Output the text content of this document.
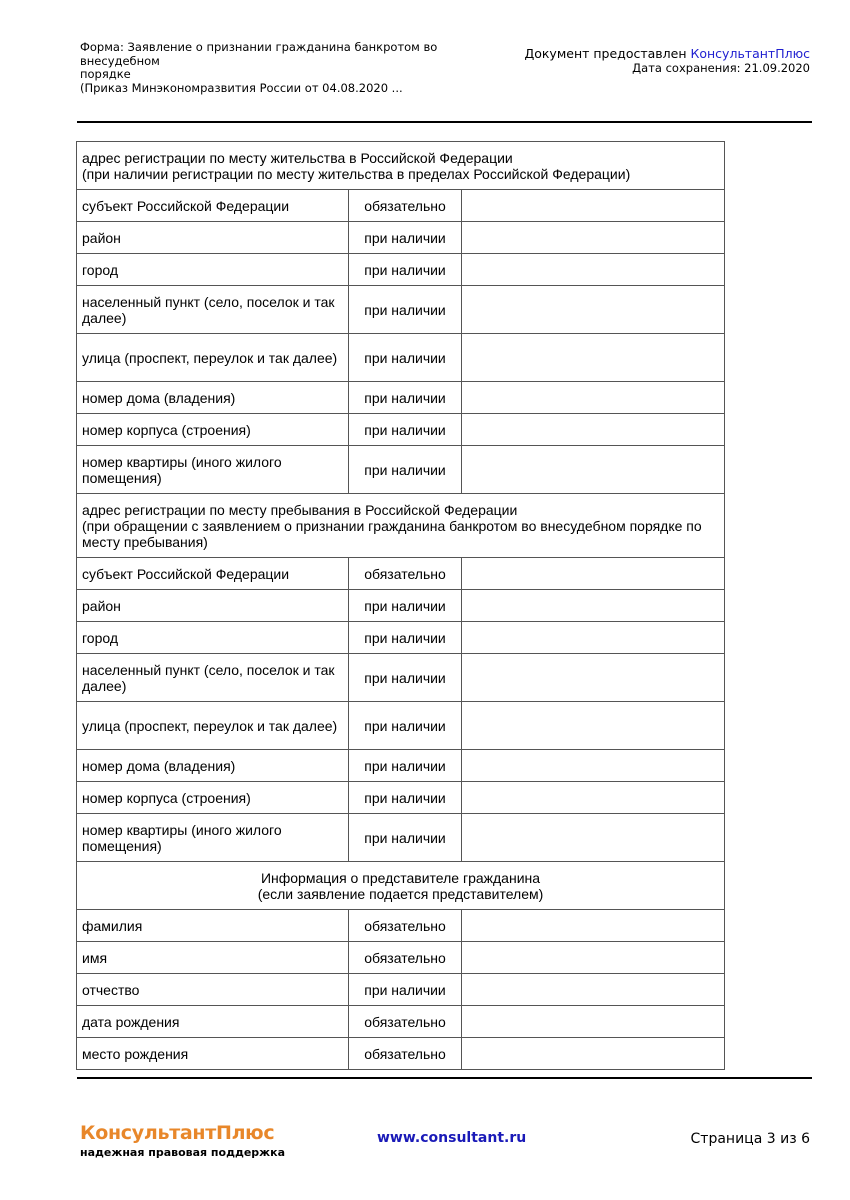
Форма: Заявление о признании гражданина банкротом во внесудебном
порядке
(Приказ Минэкономразвития России от 04.08.2020 ...
Документ предоставлен КонсультантПлюс
Дата сохранения: 21.09.2020
адрес регистрации по месту жительства в Российской Федерации
(при наличии регистрации по месту жительства в пределах Российской Федерации)		

субъект Российской Федерации	обязательно	
район	при наличии	
город	при наличии	
населенный пункт (село, поселок и так далее)	при наличии	
улица (проспект, переулок и так далее)	при наличии	
номер дома (владения)	при наличии	
номер корпуса (строения)	при наличии	
номер квартиры (иного жилого помещения)	при наличии	

адрес регистрации по месту пребывания в Российской Федерации
(при обращении с заявлением о признании гражданина банкротом во внесудебном порядке по месту пребывания)		

субъект Российской Федерации	обязательно	
район	при наличии	
город	при наличии	
населенный пункт (село, поселок и так далее)	при наличии	
улица (проспект, переулок и так далее)	при наличии	
номер дома (владения)	при наличии	
номер корпуса (строения)	при наличии	
номер квартиры (иного жилого помещения)	при наличии	

Информация о представителе гражданина
(если заявление подается представителем)		

фамилия	обязательно	
имя	обязательно	
отчество	при наличии	
дата рождения	обязательно	
место рождения	обязательно	
КонсультантПлюс
надежная правовая поддержка
www.consultant.ru	Страница 3 из 6
